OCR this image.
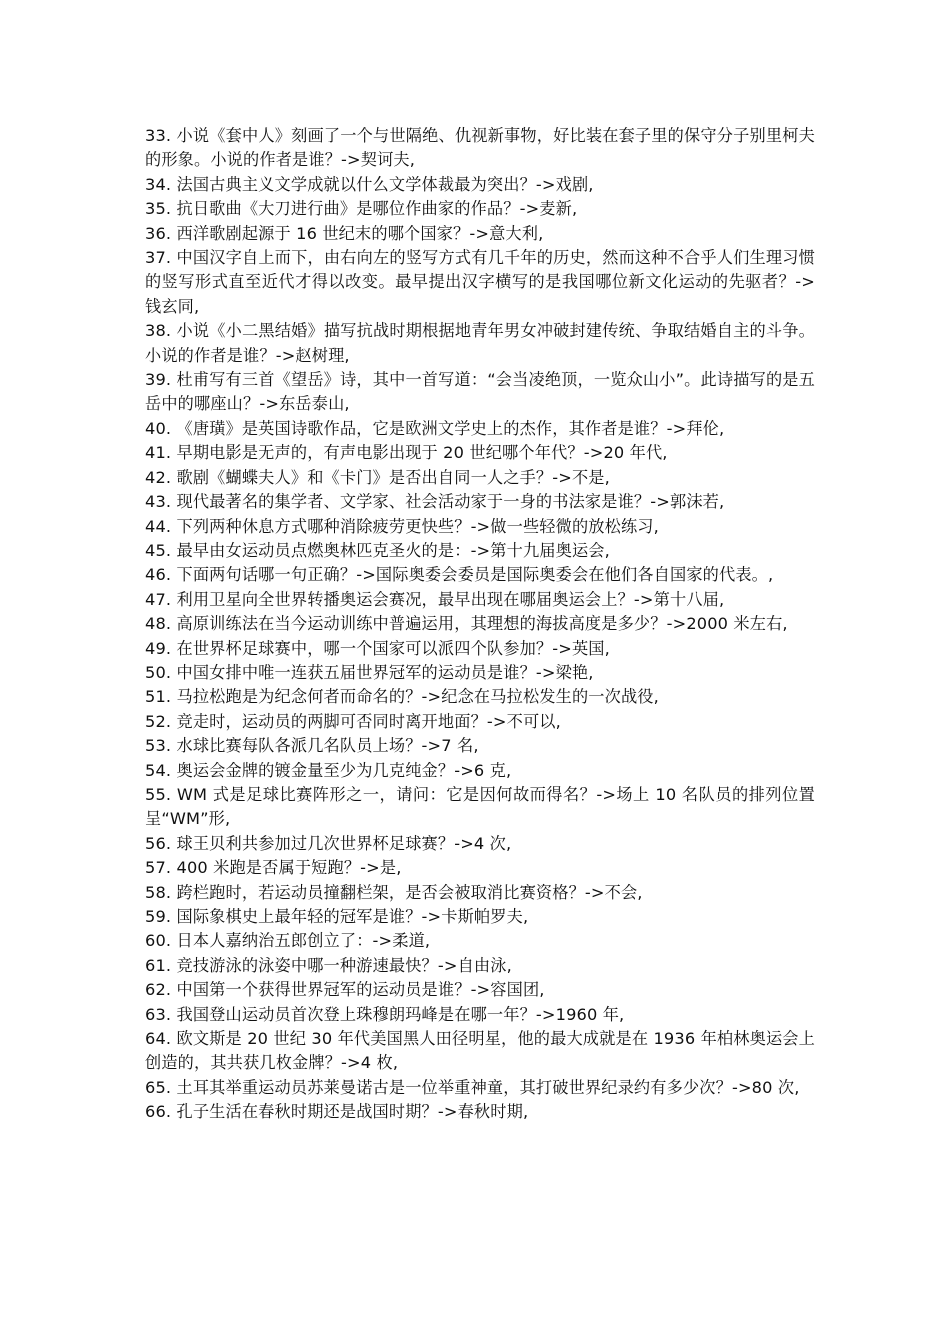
33. 小说《套中人》刻画了一个与世隔绝、仇视新事物，好比装在套子里的保守分子别里柯夫的形象。小说的作者是谁？->契诃夫,

34. 法国古典主义文学成就以什么文学体裁最为突出？->戏剧,

35. 抗日歌曲《大刀进行曲》是哪位作曲家的作品？->麦新,

36. 西洋歌剧起源于 16 世纪末的哪个国家？->意大利,

37. 中国汉字自上而下，由右向左的竖写方式有几千年的历史，然而这种不合乎人们生理习惯的竖写形式直至近代才得以改变。最早提出汉字横写的是我国哪位新文化运动的先驱者？->钱玄同,

38. 小说《小二黑结婚》描写抗战时期根据地青年男女冲破封建传统、争取结婚自主的斗争。小说的作者是谁？->赵树理,

39. 杜甫写有三首《望岳》诗，其中一首写道：“会当凌绝顶，一览众山小”。此诗描写的是五岳中的哪座山？->东岳泰山,

40. 《唐璜》是英国诗歌作品，它是欧洲文学史上的杰作，其作者是谁？->拜伦,

41. 早期电影是无声的，有声电影出现于 20 世纪哪个年代？->20 年代,

42. 歌剧《蝴蝶夫人》和《卡门》是否出自同一人之手？->不是,

43. 现代最著名的集学者、文学家、社会活动家于一身的书法家是谁？->郭沫若,

44. 下列两种休息方式哪种消除疲劳更快些？->做一些轻微的放松练习,

45. 最早由女运动员点燃奥林匹克圣火的是：->第十九届奥运会,

46. 下面两句话哪一句正确？->国际奥委会委员是国际奥委会在他们各自国家的代表。,

47. 利用卫星向全世界转播奥运会赛况，最早出现在哪届奥运会上？->第十八届,

48. 高原训练法在当今运动训练中普遍运用，其理想的海拔高度是多少？->2000 米左右,

49. 在世界杯足球赛中，哪一个国家可以派四个队参加？->英国,

50. 中国女排中唯一连获五届世界冠军的运动员是谁？->梁艳,

51. 马拉松跑是为纪念何者而命名的？->纪念在马拉松发生的一次战役,

52. 竞走时，运动员的两脚可否同时离开地面？->不可以,

53. 水球比赛每队各派几名队员上场？->7 名,

54. 奥运会金牌的镀金量至少为几克纯金？->6 克,

55. WM 式是足球比赛阵形之一，请问：它是因何故而得名？->场上 10 名队员的排列位置呈“WM”形,

56. 球王贝利共参加过几次世界杯足球赛？->4 次,

57. 400 米跑是否属于短跑？->是,

58. 跨栏跑时，若运动员撞翻栏架，是否会被取消比赛资格？->不会,

59. 国际象棋史上最年轻的冠军是谁？->卡斯帕罗夫,

60. 日本人嘉纳治五郎创立了：->柔道,

61. 竞技游泳的泳姿中哪一种游速最快？->自由泳,

62. 中国第一个获得世界冠军的运动员是谁？->容国团,

63. 我国登山运动员首次登上珠穆朗玛峰是在哪一年？->1960 年,

64. 欧文斯是 20 世纪 30 年代美国黑人田径明星，他的最大成就是在 1936 年柏林奥运会上创造的，其共获几枚金牌？->4 枚,

65. 土耳其举重运动员苏莱曼诺古是一位举重神童，其打破世界纪录约有多少次？->80 次,

66. 孔子生活在春秋时期还是战国时期？->春秋时期,
